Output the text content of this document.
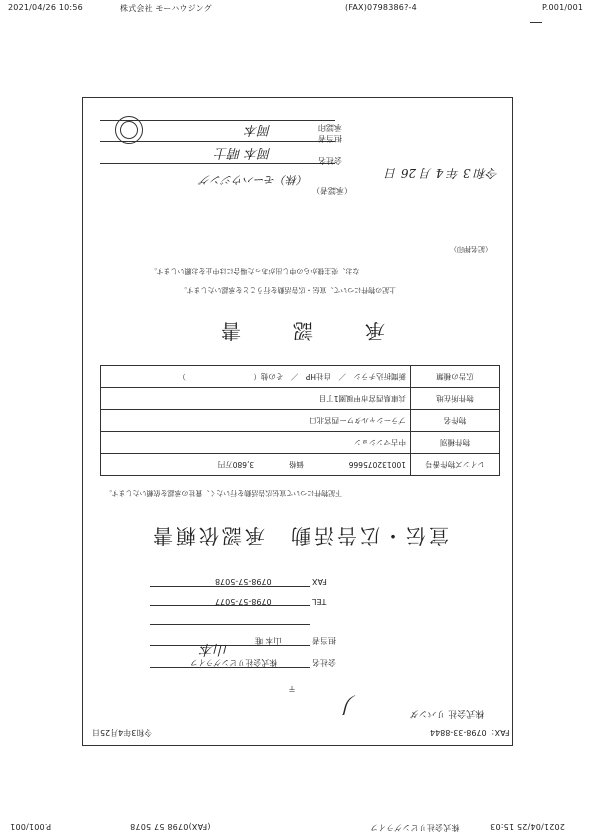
2021/04/26 10:56	株式会社 モーハウジング	(FAX)0798386?-4	P.001/001
2021/04/25 15:03
株式会社リビングライフ
(FAX)0798 57 5078
P.001/001
FAX：0798-33-8844
株式会社 リバンダ
丿
令和3年4月25日
〒
会社名
株式会社リビングライフ
担当者
山本 唯
山本
TEL
0798-57-5077
FAX
0798-57-5078
宣伝・広告活動　承認依頼書
下記物件について宣伝広告活動を行いたく、貴社の承認を依頼いたします。
レインズ物件番号	100132075666  価格  3,680万円
物件種別	中古マンション
物件名	プラーシャルタワー西宮北口
物件所在地	兵庫県西宮市甲風園1丁目
広告の種類	新聞折込チラシ　／　自社HP　／　その他（　　　　　　　　　）
承　認　書
上記の物件について、宣伝・広告活動を行うことを承認いたします。
なお、売主様からの申し出があった場合には中止をお願いします。
（記名押印）
令和 3 年 4 月 26 日
（承認者）
（株）モーハウジング
会社名
岡本 晴士
担当者
承認印
岡本
